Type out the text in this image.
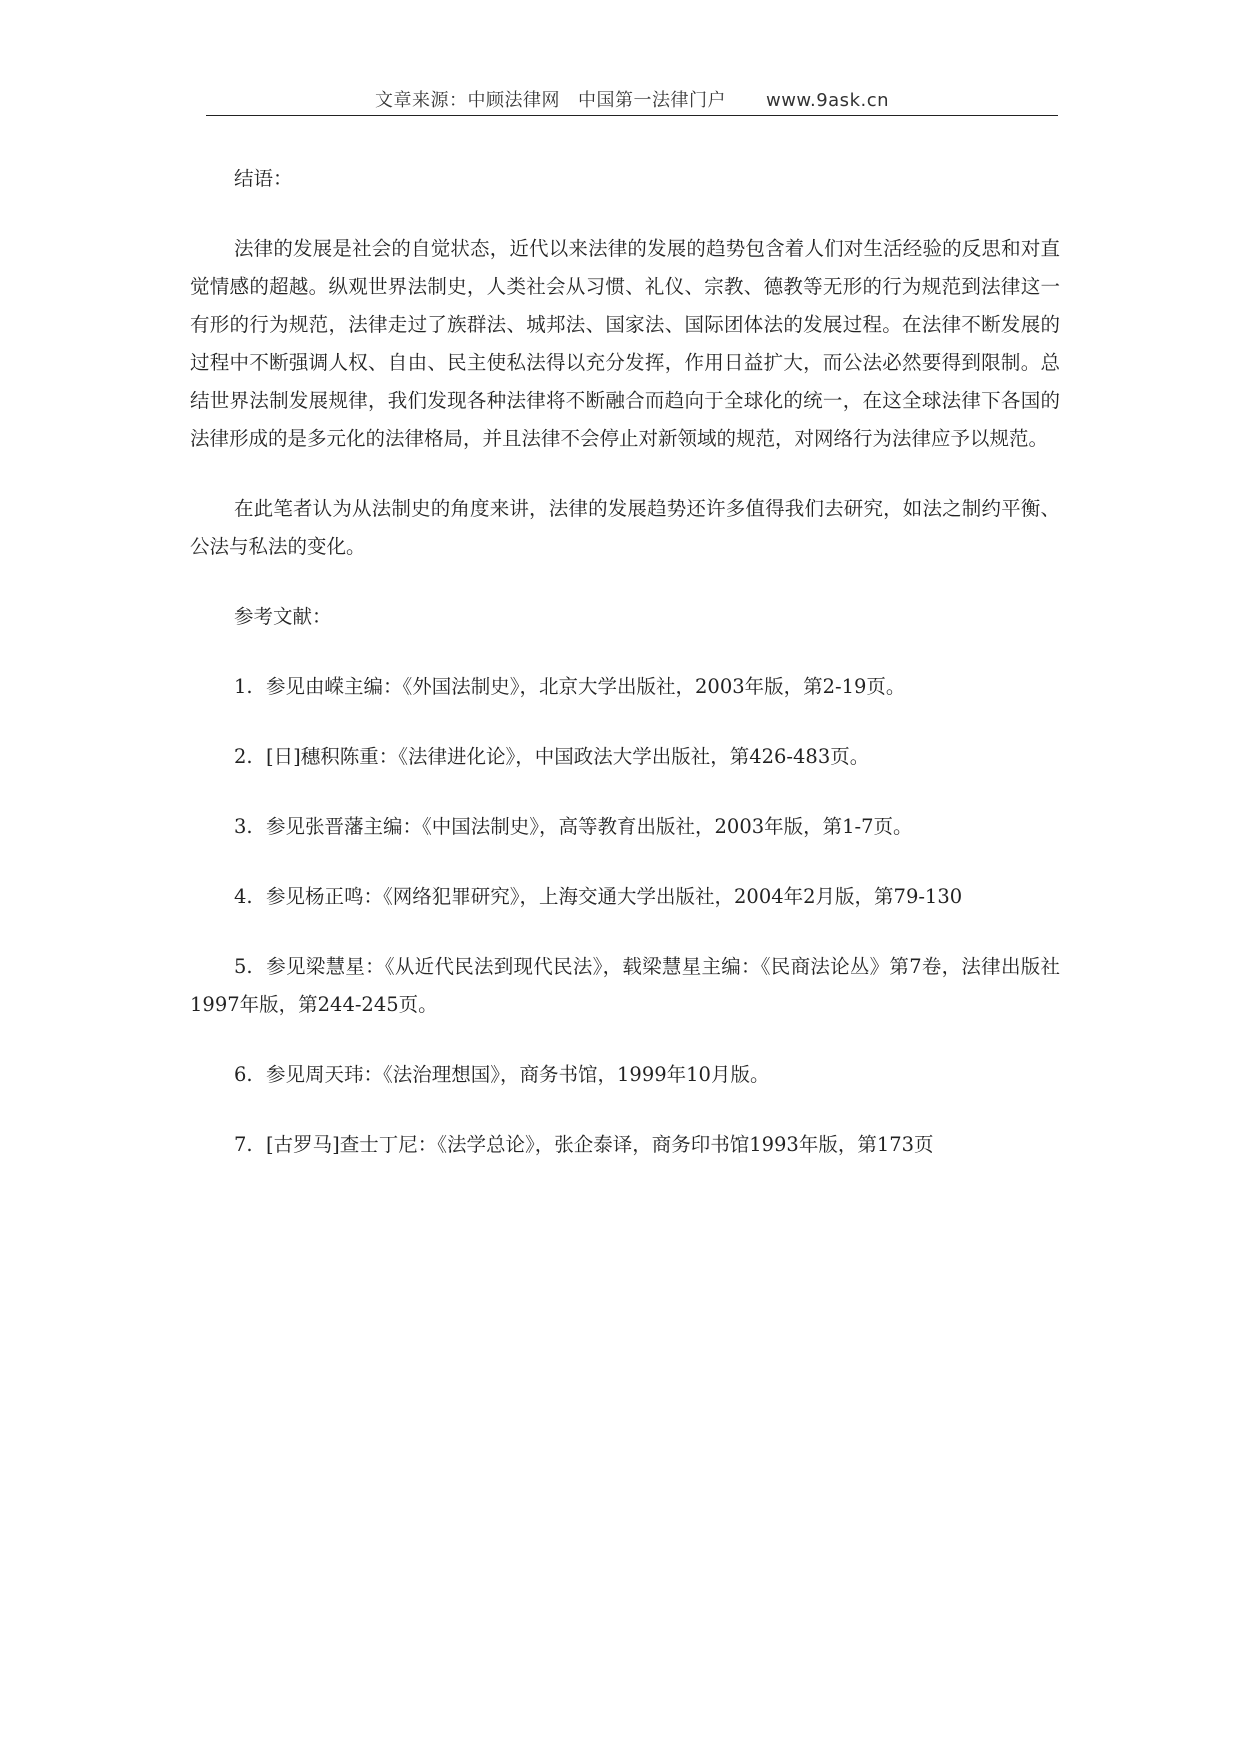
文章来源：中顾法律网 中国第一法律门户 www.9ask.cn

结语：

法律的发展是社会的自觉状态，近代以来法律的发展的趋势包含着人们对生活经验的反思和对直觉情感的超越。纵观世界法制史，人类社会从习惯、礼仪、宗教、德教等无形的行为规范到法律这一有形的行为规范，法律走过了族群法、城邦法、国家法、国际团体法的发展过程。在法律不断发展的过程中不断强调人权、自由、民主使私法得以充分发挥，作用日益扩大，而公法必然要得到限制。总结世界法制发展规律，我们发现各种法律将不断融合而趋向于全球化的统一，在这全球法律下各国的法律形成的是多元化的法律格局，并且法律不会停止对新领域的规范，对网络行为法律应予以规范。

在此笔者认为从法制史的角度来讲，法律的发展趋势还许多值得我们去研究，如法之制约平衡、公法与私法的变化。

参考文献：

1. 参见由嵘主编：《外国法制史》，北京大学出版社，2003年版，第2-19页。

2. [日]穗积陈重：《法律进化论》，中国政法大学出版社，第426-483页。

3. 参见张晋藩主编：《中国法制史》，高等教育出版社，2003年版，第1-7页。

4. 参见杨正鸣：《网络犯罪研究》，上海交通大学出版社，2004年2月版，第79-130

5. 参见梁慧星：《从近代民法到现代民法》，载梁慧星主编：《民商法论丛》第7卷，法律出版社1997年版，第244-245页。

6. 参见周天玮：《法治理想国》，商务书馆，1999年10月版。

7. [古罗马]查士丁尼：《法学总论》，张企泰译，商务印书馆1993年版，第173页
